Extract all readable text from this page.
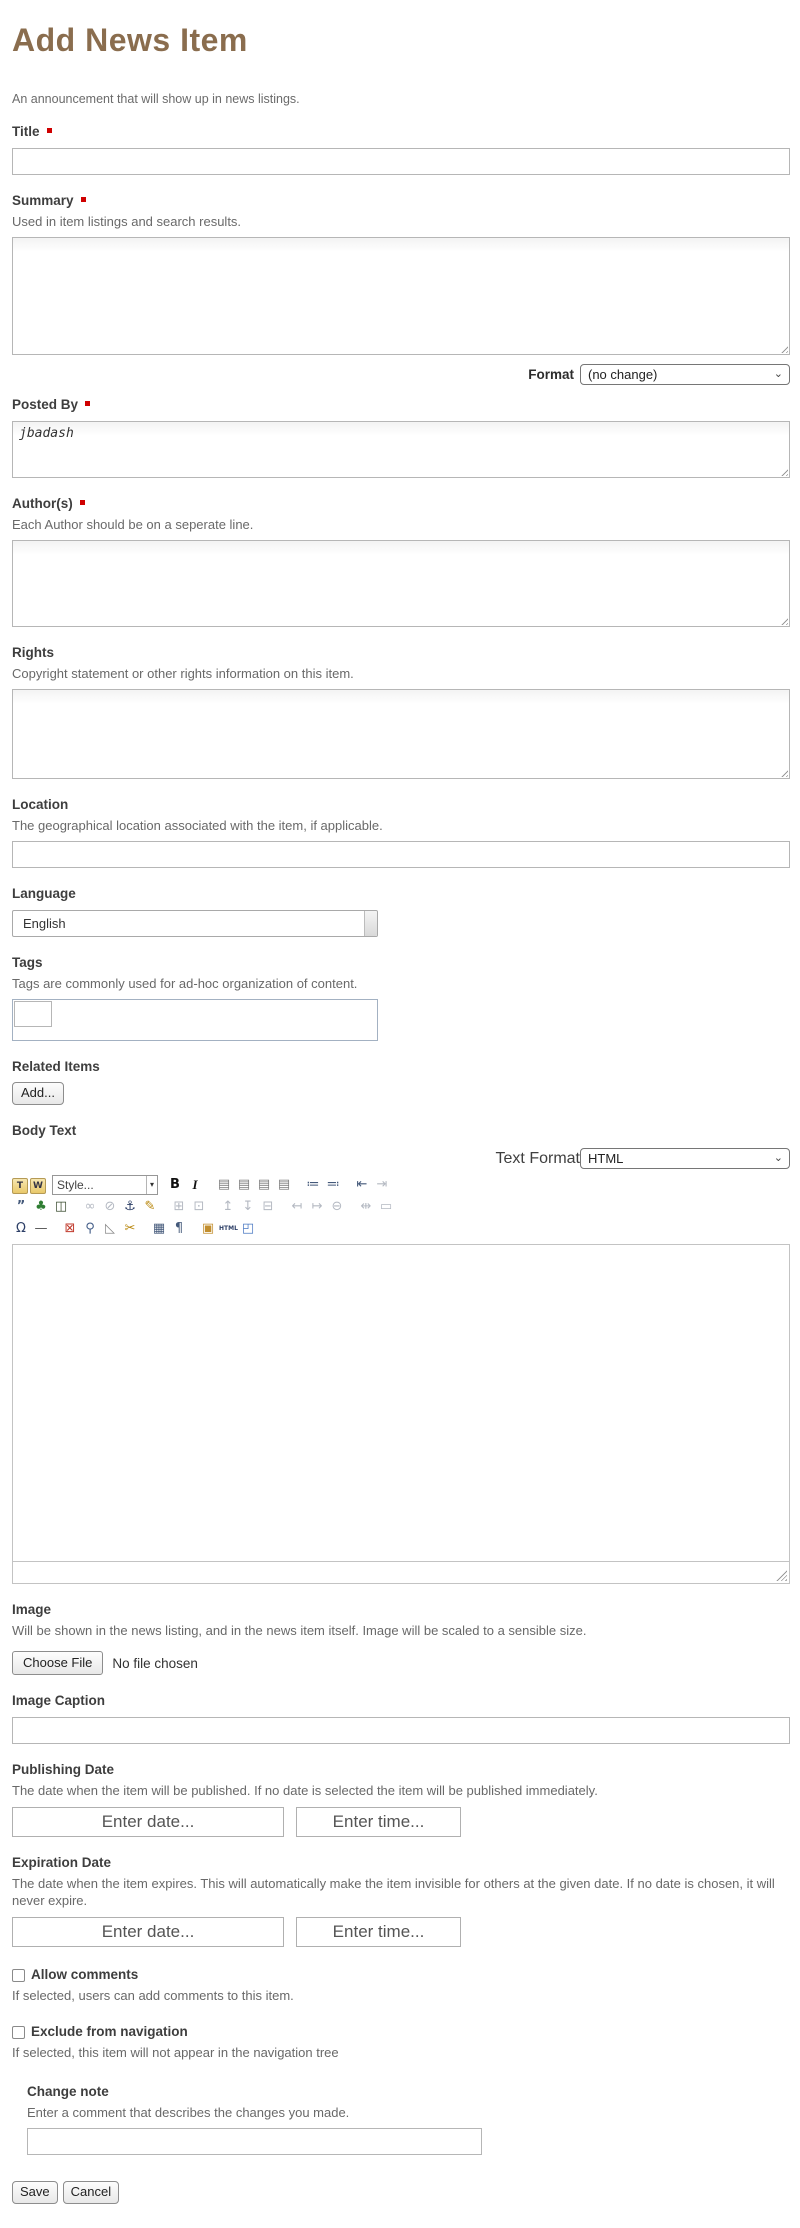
Add News Item

An announcement that will show up in news listings.

Title
Summary
Used in item listings and search results.
Format	(no change)	⌄
Posted By
jbadash
Author(s)
Each Author should be on a seperate line.
Rights
Copyright statement or other rights information on this item.
Location
The geographical location associated with the item, if applicable.
Language
English
Tags
Tags are commonly used for ad-hoc organization of content.
Related Items
Add...
Body Text
Text Format HTML	⌄
T	W	Style...	▾	B I	▤ ▤ ▤ ▤ ≔ ≕ ⇤ ⇥
” ♣ ◫ ∞ ⊘ ⚓ ✎ ⊞ ⊡ ↥ ↧ ⊟ ↤ ↦ ⊖ ⇹ ▭
Ω — ⊠ ⚲ ◺ ✂ ▦ ¶	▣ HTML ◰
Image
Will be shown in the news listing, and in the news item itself. Image will be scaled to a sensible size.
Choose File	No file chosen
Image Caption
Publishing Date
The date when the item will be published. If no date is selected the item will be published immediately.
Enter date...
Enter time...
Expiration Date
The date when the item expires. This will automatically make the item invisible for others at the given date. If no date is chosen, it will never expire.
Enter date...
Enter time...
Allow comments
If selected, users can add comments to this item.
Exclude from navigation
If selected, this item will not appear in the navigation tree
Change note
Enter a comment that describes the changes you made.
Save	Cancel
